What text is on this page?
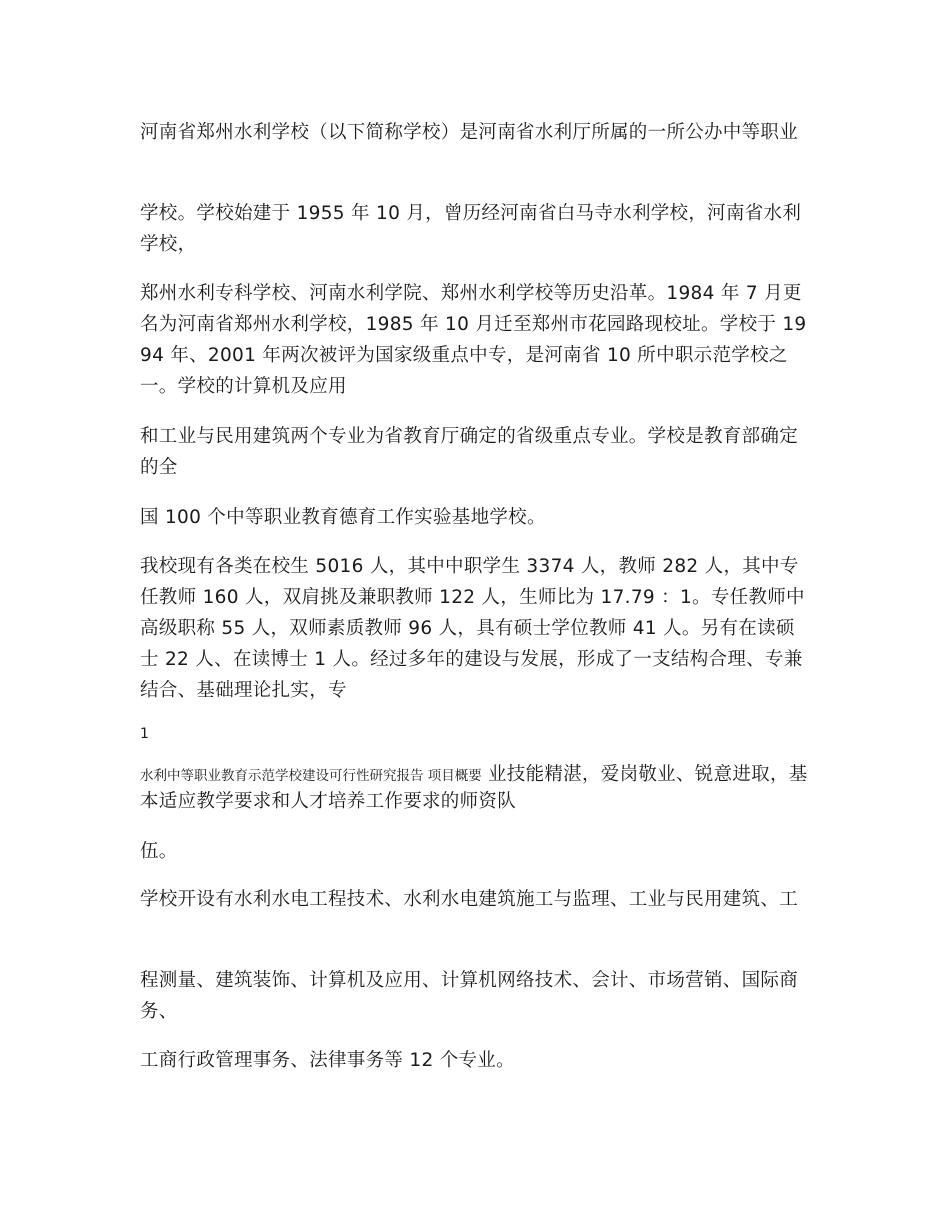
河南省郑州水利学校（以下简称学校）是河南省水利厅所属的一所公办中等职业

学校。学校始建于 1955 年 10 月，曾历经河南省白马寺水利学校，河南省水利学校，

郑州水利专科学校、河南水利学院、郑州水利学校等历史沿革。1984 年 7 月更名为河南省郑州水利学校，1985 年 10 月迁至郑州市花园路现校址。学校于 1994 年、2001 年两次被评为国家级重点中专，是河南省 10 所中职示范学校之一。学校的计算机及应用

和工业与民用建筑两个专业为省教育厅确定的省级重点专业。学校是教育部确定的全

国 100 个中等职业教育德育工作实验基地学校。

我校现有各类在校生 5016 人，其中中职学生 3374 人，教师 282 人，其中专任教师 160 人，双肩挑及兼职教师 122 人，生师比为 17.79 ：1。专任教师中高级职称 55 人，双师素质教师 96 人，具有硕士学位教师 41 人。另有在读硕士 22 人、在读博士 1 人。经过多年的建设与发展，形成了一支结构合理、专兼结合、基础理论扎实，专

1

水利中等职业教育示范学校建设可行性研究报告 项目概要 业技能精湛，爱岗敬业、锐意进取，基本适应教学要求和人才培养工作要求的师资队

伍。

学校开设有水利水电工程技术、水利水电建筑施工与监理、工业与民用建筑、工

程测量、建筑装饰、计算机及应用、计算机网络技术、会计、市场营销、国际商务、

工商行政管理事务、法律事务等 12 个专业。
